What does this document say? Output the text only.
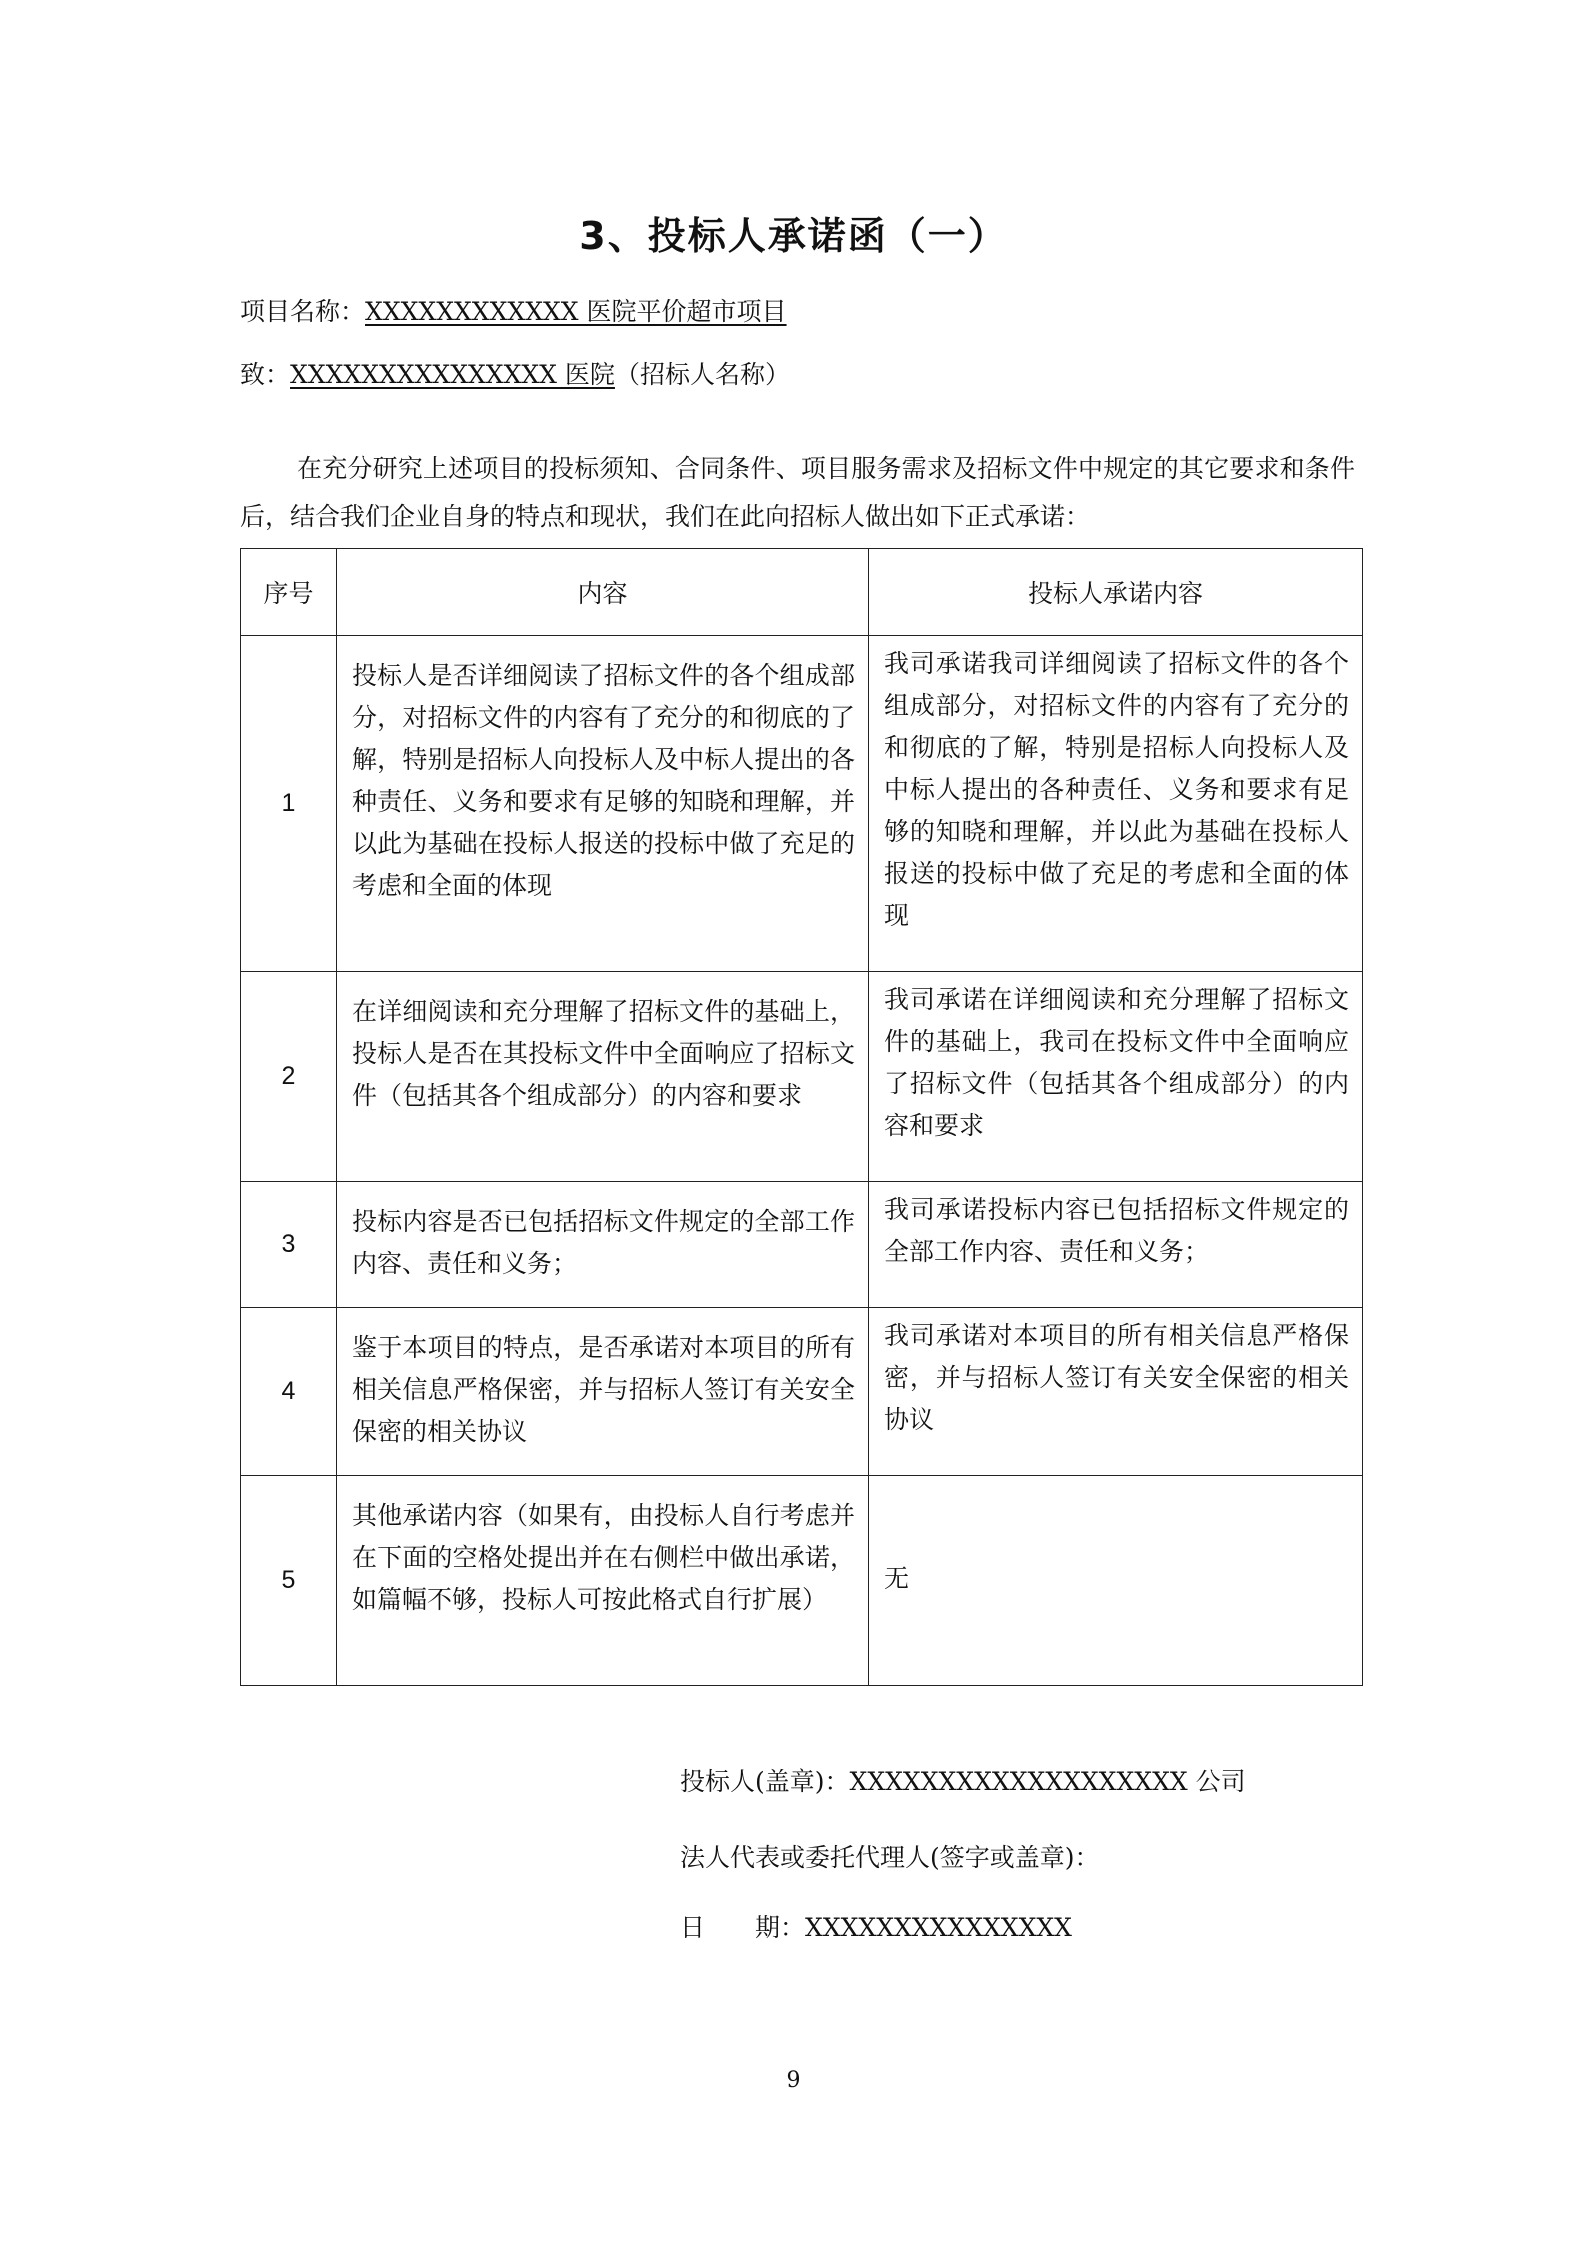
3、投标人承诺函（一）
项目名称：XXXXXXXXXXXX 医院平价超市项目
致：XXXXXXXXXXXXXXX 医院（招标人名称）
在充分研究上述项目的投标须知、合同条件、项目服务需求及招标文件中规定的其它要求和条件后，结合我们企业自身的特点和现状，我们在此向招标人做出如下正式承诺：
序号	内容	投标人承诺内容
1	投标人是否详细阅读了招标文件的各个组成部分，对招标文件的内容有了充分的和彻底的了解，特别是招标人向投标人及中标人提出的各种责任、义务和要求有足够的知晓和理解，并以此为基础在投标人报送的投标中做了充足的考虑和全面的体现	我司承诺我司详细阅读了招标文件的各个组成部分，对招标文件的内容有了充分的和彻底的了解，特别是招标人向投标人及中标人提出的各种责任、义务和要求有足够的知晓和理解，并以此为基础在投标人报送的投标中做了充足的考虑和全面的体现

2	在详细阅读和充分理解了招标文件的基础上，投标人是否在其投标文件中全面响应了招标文件（包括其各个组成部分）的内容和要求	我司承诺在详细阅读和充分理解了招标文件的基础上，我司在投标文件中全面响应了招标文件（包括其各个组成部分）的内容和要求

3	投标内容是否已包括招标文件规定的全部工作内容、责任和义务；	我司承诺投标内容已包括招标文件规定的全部工作内容、责任和义务；

4	鉴于本项目的特点，是否承诺对本项目的所有相关信息严格保密，并与招标人签订有关安全保密的相关协议	我司承诺对本项目的所有相关信息严格保密，并与招标人签订有关安全保密的相关协议

5	其他承诺内容（如果有，由投标人自行考虑并在下面的空格处提出并在右侧栏中做出承诺，如篇幅不够，投标人可按此格式自行扩展）	无
投标人(盖章)：XXXXXXXXXXXXXXXXXXX 公司
法人代表或委托代理人(签字或盖章)：
日　　期：XXXXXXXXXXXXXXX
9
